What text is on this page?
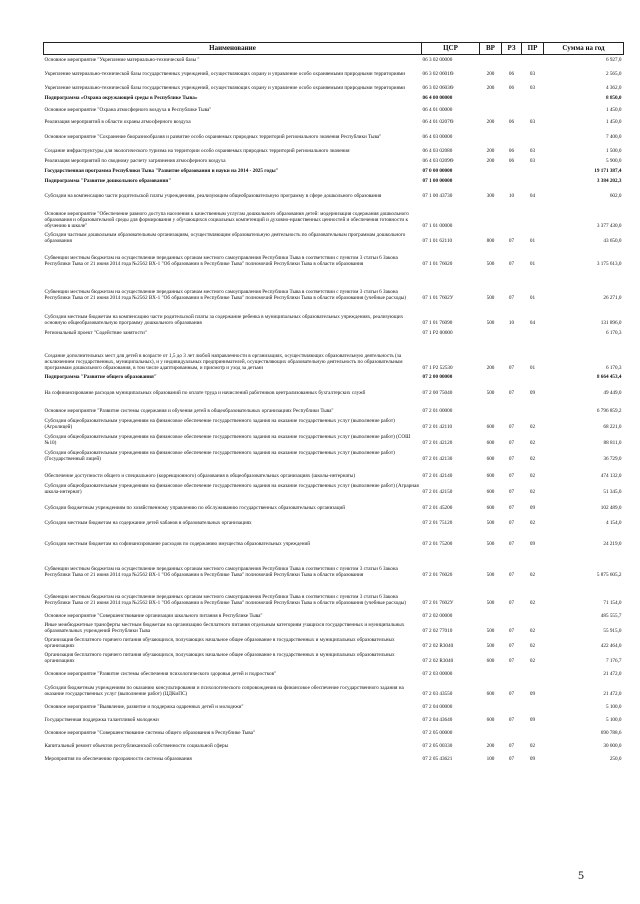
Наименование	ЦСР	ВР	РЗ	ПР	Сумма на год
Основное мероприятие "Укрепление материально-технической базы "	06 3 02 00000				6 927,0
Укрепление материально-технической базы государственных учреждений, осуществляющих охрану и управление особо охраняемыми природными территориями	06 3 02 0601Ѳ	200	06	03	2 565,0
Укрепление материально-технической базы государственных учреждений, осуществляющих охрану и управление особо охраняемыми природными территориями	06 3 02 0603Ѳ	200	06	03	4 362,0
Подпрограмма «Охрана окружающей среды в Республике Тыва»	06 4 00 00000				8 850,0
Основное мероприятие "Охрана атмосферного воздуха в Республике Тыва"	06 4 01 00000				1 450,0
Реализация мероприятий в области охраны атмосферного воздуха	06 4 01 0207Ѳ	200	06	03	1 450,0
Основное мероприятие "Сохранение биоразнообразия и развитие особо охраняемых природных территорий регионального значения Республики Тыва"	06 4 03 00000				7 400,0
Создание инфраструктуры для экологического туризма на территории особо охраняемых природных территорий регионального значения	06 4 03 02080	200	06	03	1 500,0
Реализация мероприятий по сводному расчету загрязнения атмосферного воздуха	06 4 03 0209Ѳ	200	06	03	5 900,0
Государственная программа Республики Тыва "Развитие образования и науки на 2014 - 2025 годы"	07 0 00 00000				19 171 387,4
Подпрограмма "Развитие дошкольного образования"	07 1 00 00000				3 384 202,3
Субсидии на компенсацию части родительской платы учреждениям, реализующим общеобразовательную программу в сфере дошкольного образования	07 1 00 43730	300	10	04	602,0
Основное мероприятие "Обеспечение равного доступа населения к качественным услугам дошкольного образования детей: модернизация содержания дошкольного образования и образовательной среды для формирования у обучающихся социальных компетенций и духовно-нравственных ценностей и обеспечения готовности к обучению в школе"	07 1 01 00000				3 377 430,0
Субсидии частным дошкольным образовательным организациям, осуществляющим образовательную деятельность по образовательным программам дошкольного образования	07 1 01 62110	800	07	01	43 650,0
Субвенции местным бюджетам на осуществление переданных органам местного самоуправления Республики Тыва в соответствии с пунктом 3 статьи 6 Закона Республики Тыва от 21 июня 2014 года №2562 ВХ-1 "Об образовании в Республике Тыва" полномочий Республики Тыва в области образования	07 1 01 76020	500	07	01	3 175 613,0
Субвенции местным бюджетам на осуществление переданных органам местного самоуправления Республики Тыва в соответствии с пунктом 3 статьи 6 Закона Республики Тыва от 21 июня 2014 года №2562 ВХ-1 "Об образовании в Республике Тыва" полномочий Республики Тыва в области образования (учебные расходы)	07 1 01 7602У	500	07	01	26 271,0
Субсидии местным бюджетам на компенсацию части родительской платы за содержание ребенка в муниципальных образовательных учреждениях, реализующих основную общеобразовательную программу дошкольного образования	07 1 01 76090	500	10	04	131 896,0
Региональный проект "Содействие занятости"	07 1 P2 00000				6 170,3
Создание дополнительных мест для детей в возрасте от 1,5 до 3 лет любой направленности в организациях, осуществляющих образовательную деятельность (за исключением государственных, муниципальных), и у индивидуальных предпринимателей, осуществляющих образовательную деятельность по образовательным программам дошкольного образования, в том числе адаптированным, и присмотр и уход за детьми	07 1 P2 52530	200	07	01	6 170,3
Подпрограмма "Развитие общего образования"	07 2 00 00000				8 664 453,4
На софинансирование расходов муниципальных образований по оплате труда и начислений работников централизованных бухгалтерских служб	07 2 00 75040	500	07	09	49 449,0
Основное мероприятие "Развитие системы содержания и обучения детей в общеобразовательных организациях Республики Тыва"	07 2 01 00000				6 796 859,2
Субсидии общеобразовательным учреждениям на финансовое обеспечение государственного задания на оказание государственных услуг (выполнение работ) (Агролицей)	07 2 01 42110	600	07	02	68 221,0
Субсидии общеобразовательным учреждениям на финансовое обеспечение государственного задания на оказание государственных услуг (выполнение работ) (СОШ №10)	07 2 01 42120	600	07	02	88 811,0
Субсидии общеобразовательным учреждениям на финансовое обеспечение государственного задания на оказание государственных услуг (выполнение работ) (Государственный лицей)	07 2 01 42130	600	07	02	36 729,0
Обеспечение доступности общего и специального (коррекционного) образования в общеобразовательных организациях (школы-интернаты)	07 2 01 42140	600	07	02	474 132,0
Субсидии общеобразовательным учреждениям на финансовое обеспечение государственного задания на оказание государственных услуг (выполнение работ) (Аграрная школа-интернат)	07 2 01 42150	600	07	02	51 345,0
Субсидии бюджетным учреждениям по хозяйственному управлению по обслуживанию государственных образовательных организаций	07 2 01 45200	600	07	09	102 489,0
Субсидии местным бюджетам на содержание детей чабанов в образовательных организациях	07 2 01 75120	500	07	02	4 154,0
Субсидии местным бюджетам на софинансирование расходов по содержанию имущества образовательных учреждений	07 2 01 75200	500	07	09	24 219,0
Субвенции местным бюджетам на осуществление переданных органам местного самоуправления Республики Тыва в соответствии с пунктом 3 статьи 6 Закона Республики Тыва от 21 июня 2014 года №2562 ВХ-1 "Об образовании в Республике Тыва" полномочий Республики Тыва в области образования	07 2 01 76020	500	07	02	5 875 605,2
Субвенции местным бюджетам на осуществление переданных органам местного самоуправления Республики Тыва в соответствии с пунктом 3 статьи 6 Закона Республики Тыва от 21 июня 2014 года №2562 ВХ-1 "Об образовании в Республике Тыва" полномочий Республики Тыва в области образования (учебные расходы)	07 2 01 7602У	500	07	02	71 154,0
Основное мероприятие "Совершенствование организации школьного питания в Республике Тыва"	07 2 02 00000				485 555,7
Иные межбюджетные трансферты местным бюджетам на организацию бесплатного питания отдельным категориям учащихся государственных и муниципальных образовательных учреждений Республики Тыва	07 2 02 77010	500	07	02	55 915,0
Организация бесплатного горячего питания обучающихся, получающих начальное общее образование в государственных и муниципальных образовательных организациях	07 2 02 R3040	500	07	02	422 464,0
Организация бесплатного горячего питания обучающихся, получающих начальное общее образование в государственных и муниципальных образовательных организациях	07 2 02 R3040	600	07	02	7 176,7
Основное мероприятие "Развитие системы обеспечения психологического здоровья детей и подростков"	07 2 03 00000				21 472,0
Субсидии бюджетным учреждениям по оказанию консультирования и психологического сопровождения на финансовое обеспечение государственного задания на оказание государственных услуг (выполнение работ) (ЦДКиПС)	07 2 03 43550	600	07	09	21 472,0
Основное мероприятие "Выявление, развитие и поддержка одаренных детей и молодежи"	07 2 04 00000				5 100,0
Государственная поддержка талантливой молодежи	07 2 04 43640	600	07	09	5 100,0
Основное мероприятие "Совершенствование системы общего образования в Республике Тыва"	07 2 05 00000				690 788,6
Капитальный ремонт объектов республиканской собственности социальной сферы	07 2 05 00330	200	07	02	30 000,0
Мероприятия по обеспечению прозрачности системы образования	07 2 05 43621	100	07	09	250,0
5
